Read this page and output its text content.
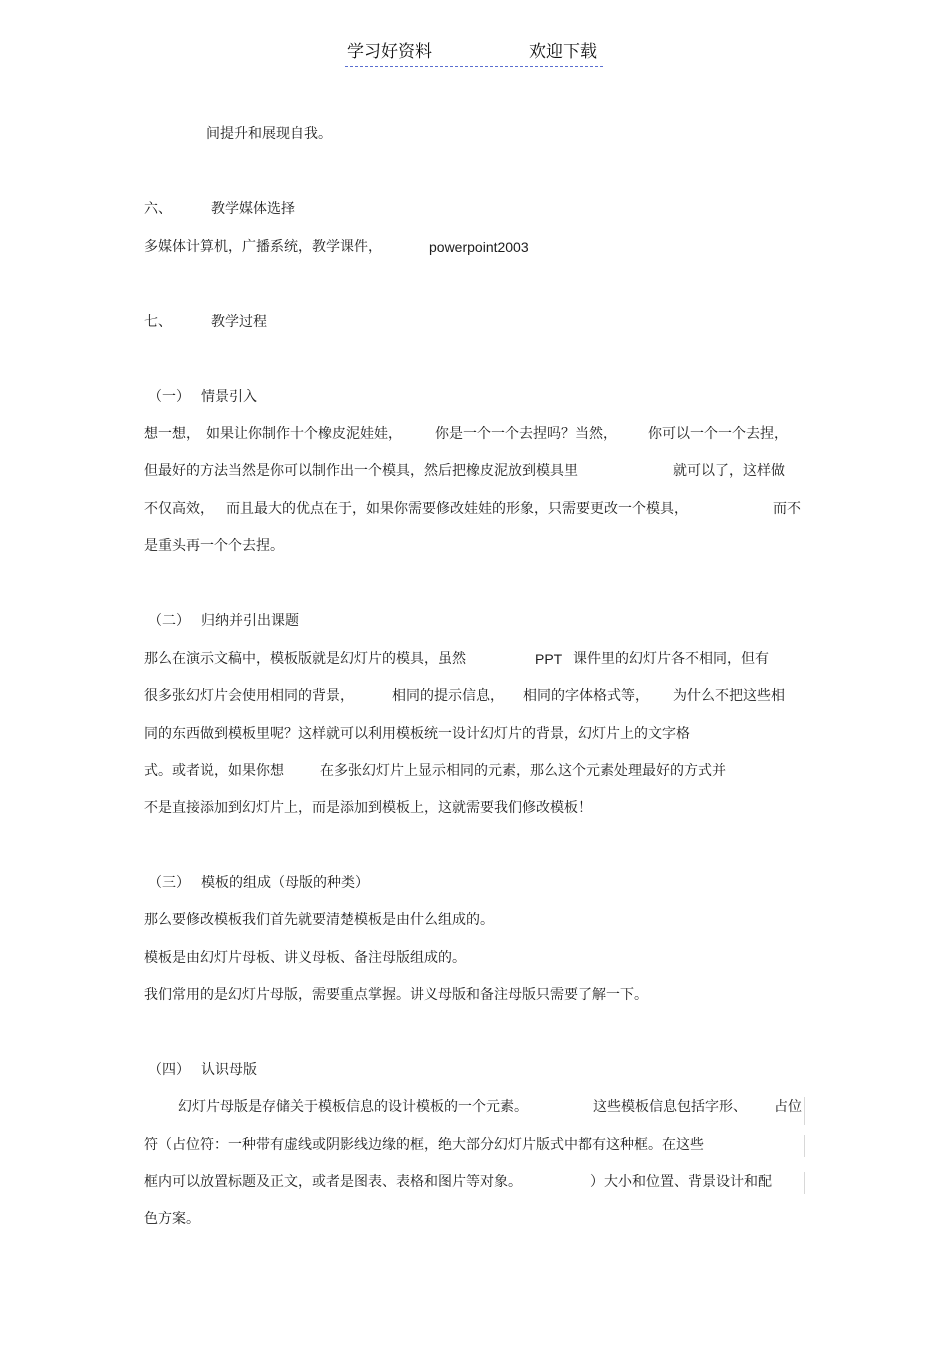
学习好资料	欢迎下载
间提升和展现自我。
六、	教学媒体选择
多媒体计算机，广播系统，教学课件，	powerpoint2003
七、	教学过程
（一） 情景引入
想一想， 如果让你制作十个橡皮泥娃娃， 你是一个一个去捏吗？当然， 你可以一个一个去捏，
但最好的方法当然是你可以制作出一个模具，然后把橡皮泥放到模具里	就可以了，这样做
不仅高效， 而且最大的优点在于，如果你需要修改娃娃的形象，只需要更改一个模具，	而不
是重头再一个个去捏。
（二） 归纳并引出课题
那么在演示文稿中，模板版就是幻灯片的模具，虽然	PPT 课件里的幻灯片各不相同，但有
很多张幻灯片会使用相同的背景，	相同的提示信息， 相同的字体格式等， 为什么不把这些相
同的东西做到模板里呢？这样就可以利用模板统一设计幻灯片的背景，幻灯片上的文字格
式。或者说，如果你想	在多张幻灯片上显示相同的元素，那么这个元素处理最好的方式并
不是直接添加到幻灯片上，而是添加到模板上，这就需要我们修改模板！
（三） 模板的组成（母版的种类）
那么要修改模板我们首先就要清楚模板是由什么组成的。
模板是由幻灯片母板、讲义母板、备注母版组成的。
我们常用的是幻灯片母版，需要重点掌握。讲义母版和备注母版只需要了解一下。
（四） 认识母版
幻灯片母版是存储关于模板信息的设计模板的一个元素。	这些模板信息包括字形、 占位
符（占位符：一种带有虚线或阴影线边缘的框，绝大部分幻灯片版式中都有这种框。在这些
框内可以放置标题及正文，或者是图表、表格和图片等对象。	）大小和位置、背景设计和配
色方案。
